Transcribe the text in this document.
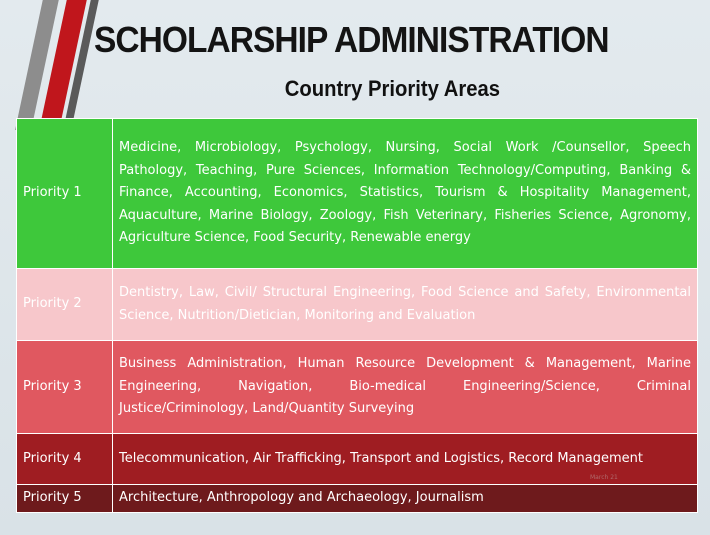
SCHOLARSHIP ADMINISTRATION
Country Priority Areas
Priority 1	Medicine, Microbiology, Psychology, Nursing, Social Work /Counsellor, Speech Pathology, Teaching, Pure Sciences, Information Technology/Computing, Banking & Finance, Accounting, Economics, Statistics, Tourism & Hospitality Management, Aquaculture, Marine Biology, Zoology, Fish Veterinary, Fisheries Science, Agronomy, Agriculture Science, Food Security, Renewable energy
Priority 2	Dentistry, Law, Civil/ Structural Engineering, Food Science and Safety, Environmental Science, Nutrition/Dietician, Monitoring and Evaluation
Priority 3	Business Administration, Human Resource Development & Management, Marine Engineering, Navigation, Bio-medical Engineering/Science, Criminal Justice/Criminology, Land/Quantity Surveying
Priority 4	Telecommunication, Air Trafficking, Transport and Logistics, Record Management
Priority 5	Architecture, Anthropology and Archaeology, Journalism
March 21
